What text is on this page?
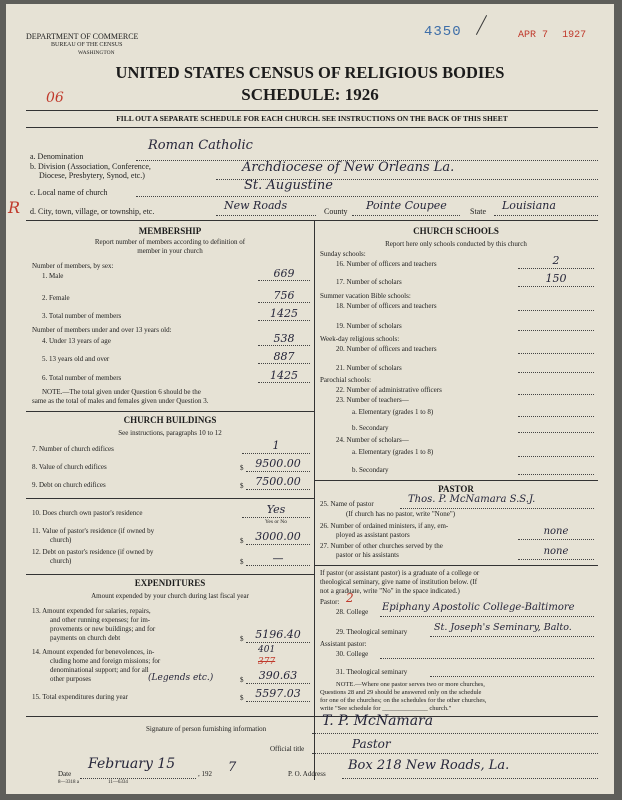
DEPARTMENT OF COMMERCE
BUREAU OF THE CENSUS
WASHINGTON
4350	APR 7 1927
UNITED STATES CENSUS OF RELIGIOUS BODIES
SCHEDULE: 1926
06
FILL OUT A SEPARATE SCHEDULE FOR EACH CHURCH. SEE INSTRUCTIONS ON THE BACK OF THIS SHEET
a. Denomination
Roman Catholic
b. Division (Association, Conference,
Diocese, Presbytery, Synod, etc.)
Archdiocese of New Orleans La.
c. Local name of church	St. Augustine
R d. City, town, village, or township, etc.	New Roads	County Pointe Coupee	State Louisiana
MEMBERSHIP
Report number of members according to definition of
member in your church
Number of members, by sex:
1. Male	669
2. Female	756
3. Total number of members	1425
Number of members under and over 13 years old:
4. Under 13 years of age	538
5. 13 years old and over	887
6. Total number of members	1425
NOTE.—The total given under Question 6 should be the
same as the total of males and females given under Question 3.
CHURCH BUILDINGS
See instructions, paragraphs 10 to 12
7. Number of church edifices	1
8. Value of church edifices	$	9500.00
9. Debt on church edifices	$	7500.00
10. Does church own pastor's residence	Yes
Yes or No
11. Value of pastor's residence (if owned by
church)	$	3000.00
12. Debt on pastor's residence (if owned by
church)	$	—
EXPENDITURES
Amount expended by your church during last fiscal year
13. Amount expended for salaries, repairs,
and other running expenses; for im-
provements or new buildings; and for
payments on church debt	$	5196.40
14. Amount expended for benevolences, in-
cluding home and foreign missions; for
denominational support; and for all
other purposes	(Legends etc.)
401
377
$	390.63
15. Total expenditures during year	$	5597.03
CHURCH SCHOOLS
Report here only schools conducted by this church
Sunday schools:
16. Number of officers and teachers	2
17. Number of scholars	150
Summer vacation Bible schools:
18. Number of officers and teachers
19. Number of scholars
Week-day religious schools:
20. Number of officers and teachers
21. Number of scholars
Parochial schools:
22. Number of administrative officers
23. Number of teachers—
a. Elementary (grades 1 to 8)
b. Secondary
24. Number of scholars—
a. Elementary (grades 1 to 8)
b. Secondary
PASTOR
25. Name of pastor	Thos. P. McNamara S.S.J.
(If church has no pastor, write "None")
26. Number of ordained ministers, if any, em-
ployed as assistant pastors	none
27. Number of other churches served by the
pastor or his assistants	none
If pastor (or assistant pastor) is a graduate of a college or
theological seminary, give name of institution below. (If
not a graduate, write "No" in the space indicated.)
Pastor: 2
28. College Epiphany Apostolic College-Baltimore
29. Theological seminary	St. Joseph's Seminary, Balto.
Assistant pastor:
30. College
31. Theological seminary
NOTE.—Where one pastor serves two or more churches,
Questions 28 and 29 should be answered only on the schedule
for one of the churches; on the schedules for the other churches,
write "See schedule for ______________ church."
Signature of person furnishing information	T. P. McNamara
Official title	Pastor
Date
February 15
, 192 7	P. O. Address
Box 218 New Roads, La.
8—3318 a	11—6334
